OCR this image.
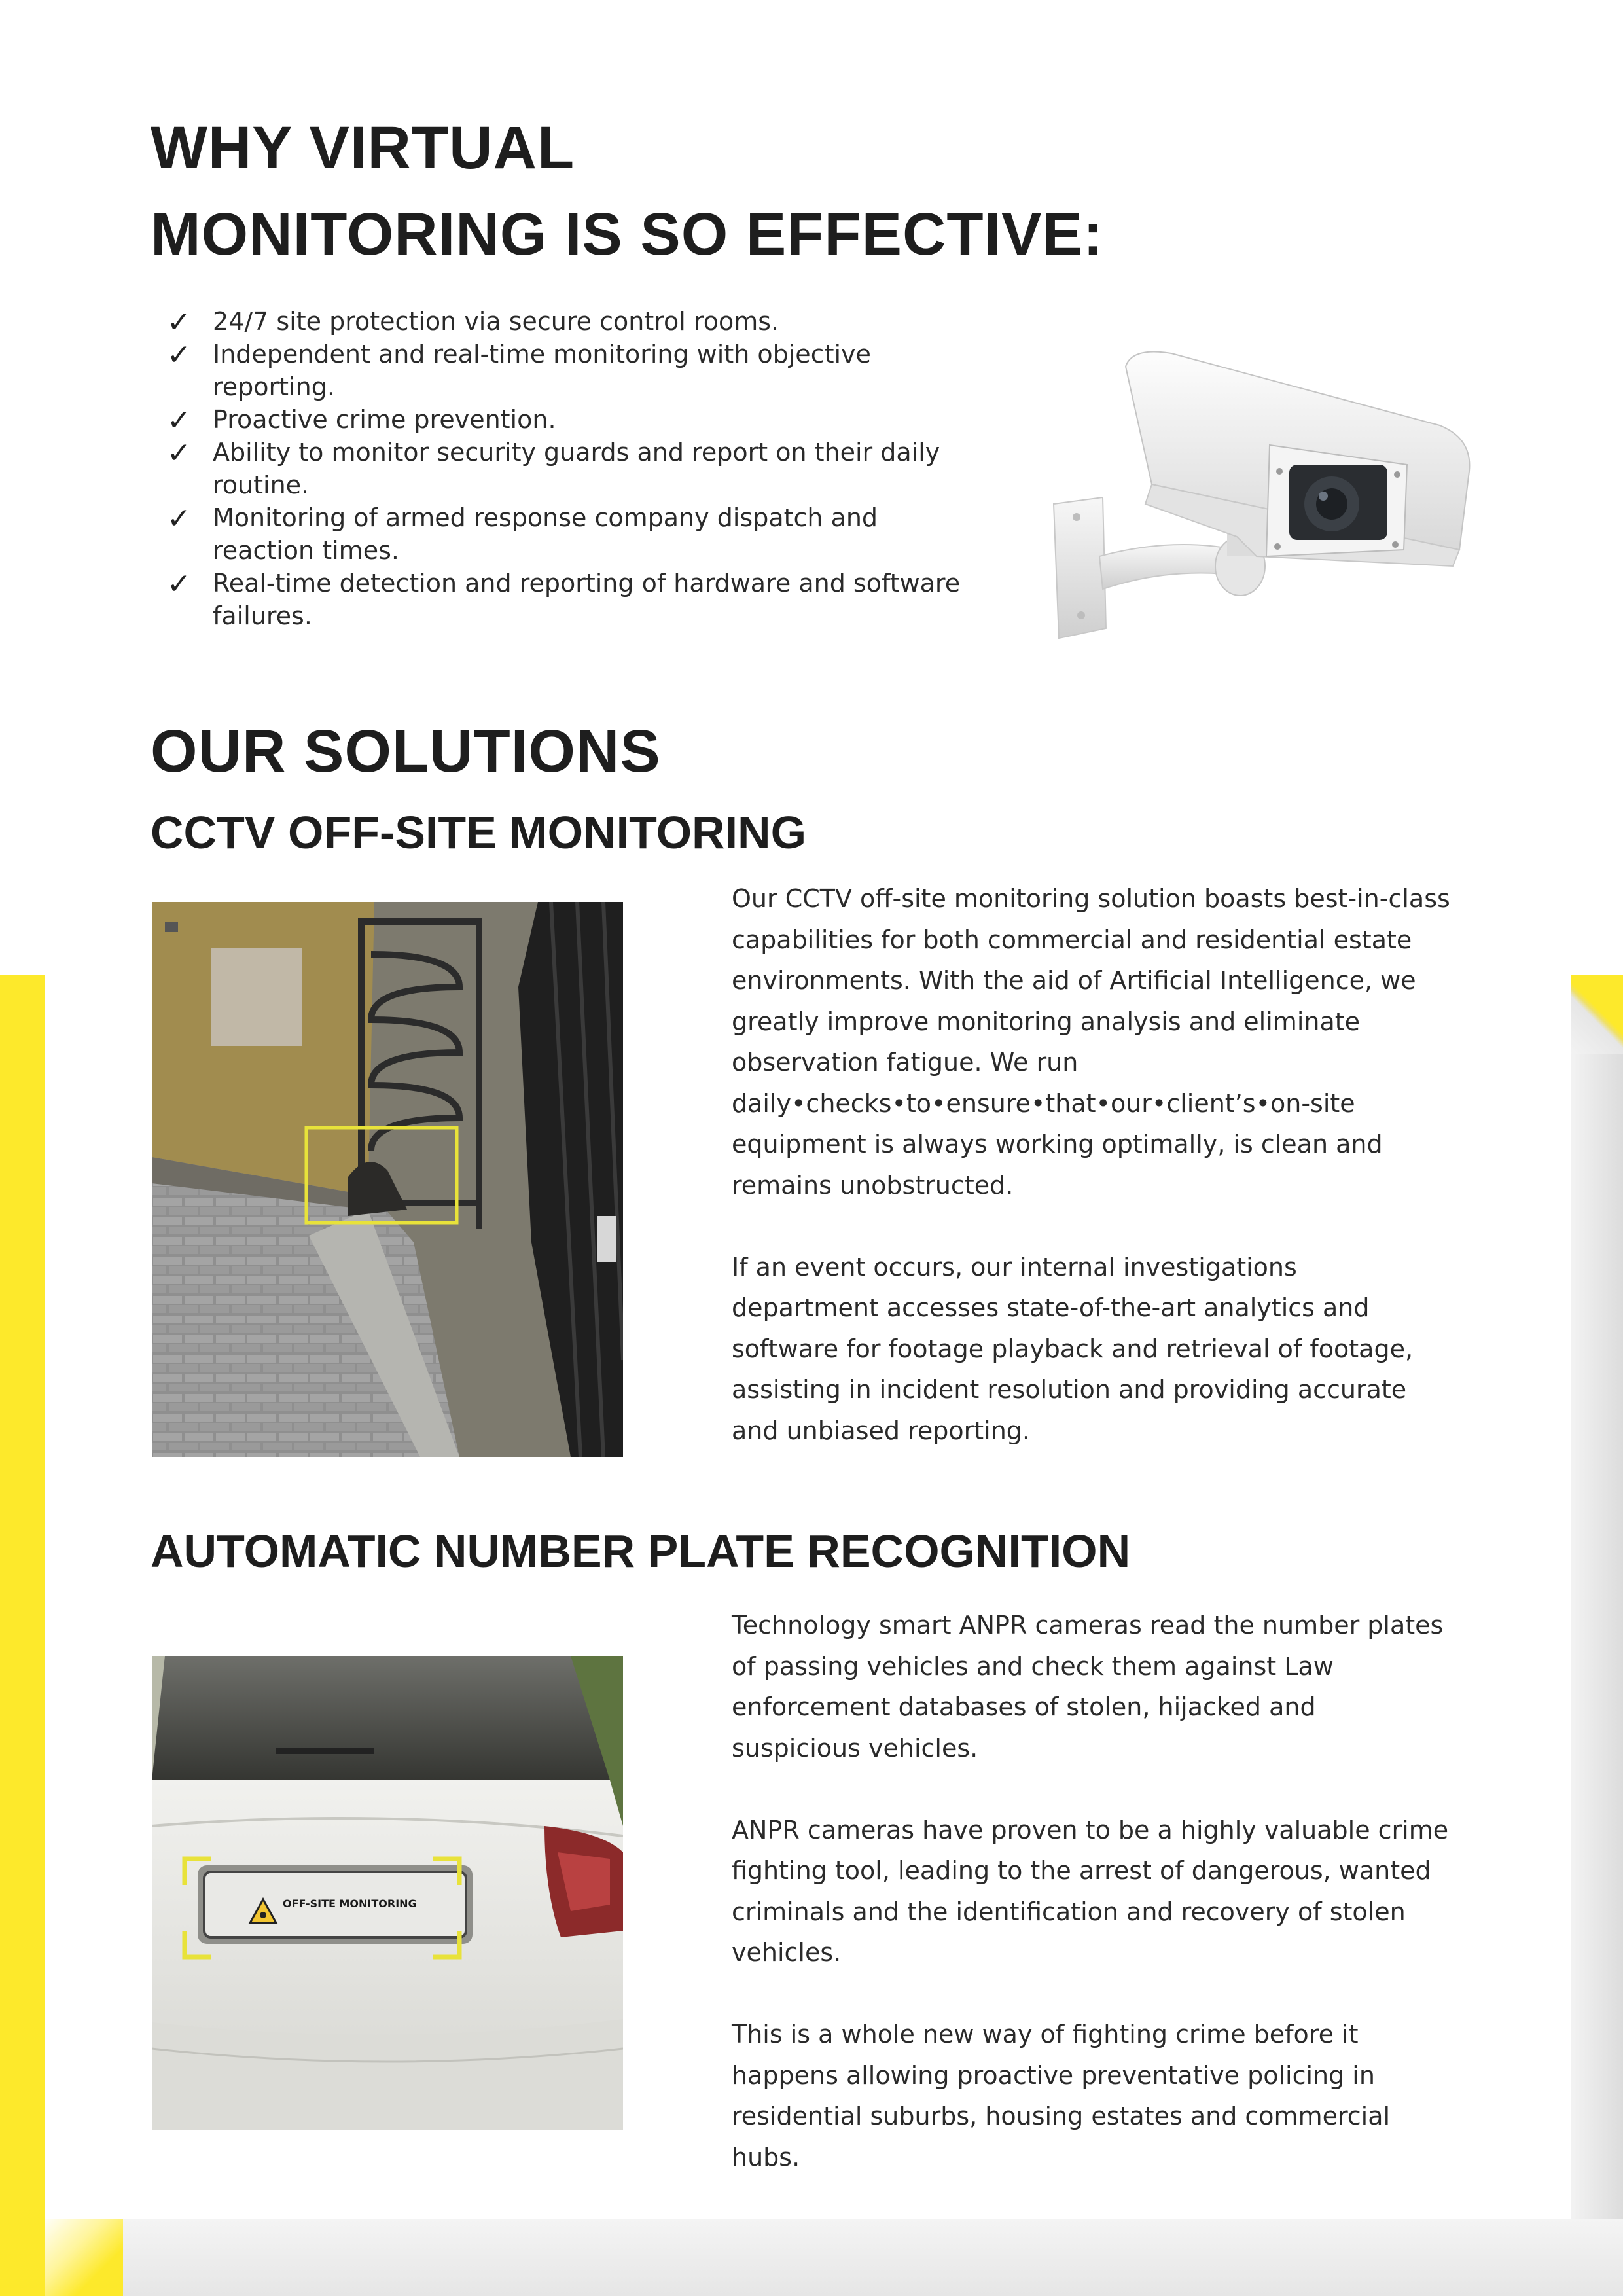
WHY VIRTUAL
MONITORING IS SO EFFECTIVE:
✓ 24/7 site protection via secure control rooms.
✓ Independent and real-time monitoring with objective reporting.
✓ Proactive crime prevention.
✓ Ability to monitor security guards and report on their daily routine.
✓ Monitoring of armed response company dispatch and reaction times.
✓ Real-time detection and reporting of hardware and software failures.
OUR SOLUTIONS
CCTV OFF-SITE MONITORING

Our CCTV off-site monitoring solution boasts best-in-class capabilities for both commercial and residential estate environments. With the aid of Artificial Intelligence, we greatly improve monitoring analysis and eliminate observation fatigue. We run daily•checks•to•ensure•that•our•client’s•on-site equipment is always working optimally, is clean and remains unobstructed.

If an event occurs, our internal investigations department accesses state-of-the-art analytics and software for footage playback and retrieval of footage, assisting in incident resolution and providing accurate and unbiased reporting.

AUTOMATIC NUMBER PLATE RECOGNITION
OFF-SITE MONITORING

Technology smart ANPR cameras read the number plates of passing vehicles and check them against Law enforcement databases of stolen, hijacked and suspicious vehicles.

ANPR cameras have proven to be a highly valuable crime fighting tool, leading to the arrest of dangerous, wanted criminals and the identification and recovery of stolen vehicles.

This is a whole new way of fighting crime before it happens allowing proactive preventative policing in residential suburbs, housing estates and commercial hubs.
